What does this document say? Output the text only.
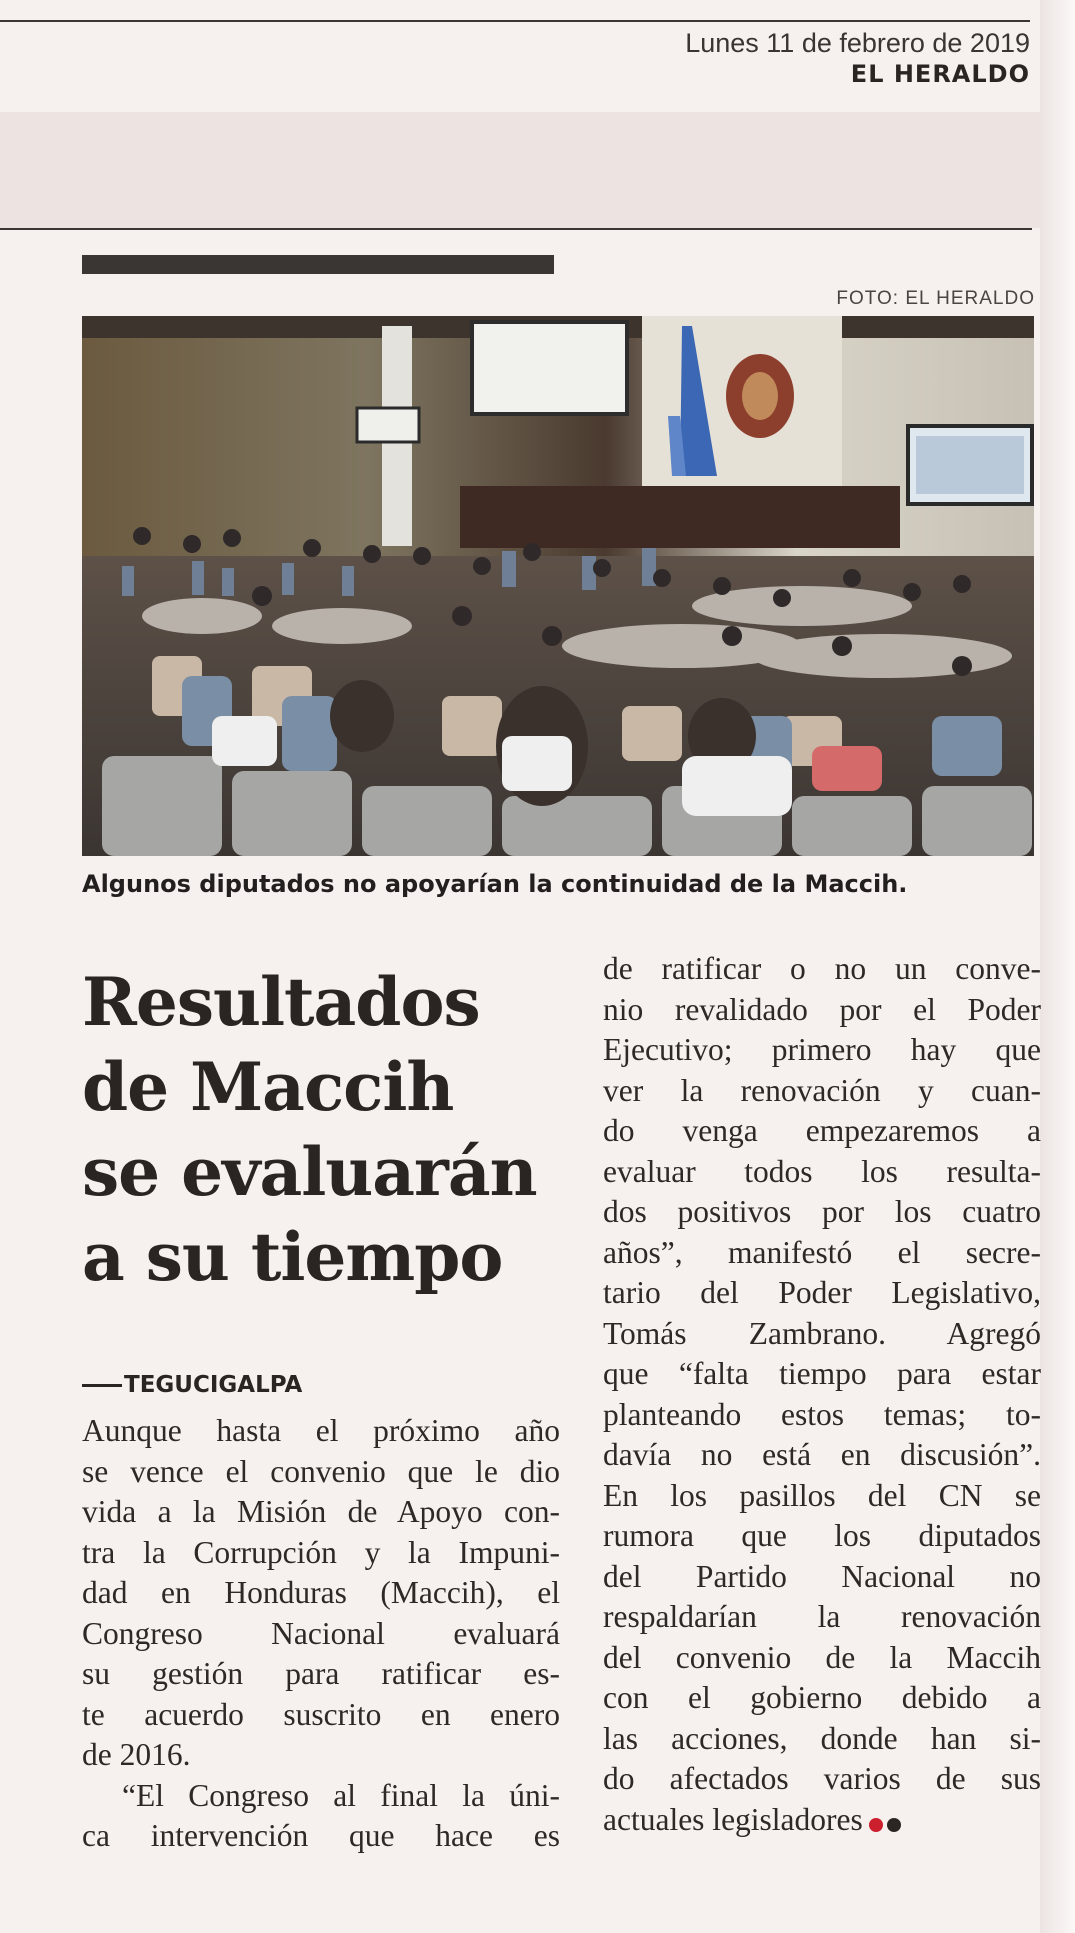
Lunes 11 de febrero de 2019
EL HERALDO
FOTO: EL HERALDO
Algunos diputados no apoyarían la continuidad de la Maccih.
Resultados
de Maccih
se evaluarán
a su tiempo
TEGUCIGALPA
Aunque hasta el próximo año
se vence el convenio que le dio
vida a la Misión de Apoyo con-
tra la Corrupción y la Impuni-
dad en Honduras (Maccih), el
Congreso Nacional evaluará
su gestión para ratificar es-
te acuerdo suscrito en enero
de 2016.
“El Congreso al final la úni-
ca intervención que hace es
de ratificar o no un conve-
nio revalidado por el Poder
Ejecutivo; primero hay que
ver la renovación y cuan-
do venga empezaremos a
evaluar todos los resulta-
dos positivos por los cuatro
años”, manifestó el secre-
tario del Poder Legislativo,
Tomás Zambrano. Agregó
que “falta tiempo para estar
planteando estos temas; to-
davía no está en discusión”.
En los pasillos del CN se
rumora que los diputados
del Partido Nacional no
respaldarían la renovación
del convenio de la Maccih
con el gobierno debido a
las acciones, donde han si-
do afectados varios de sus
actuales legisladores
